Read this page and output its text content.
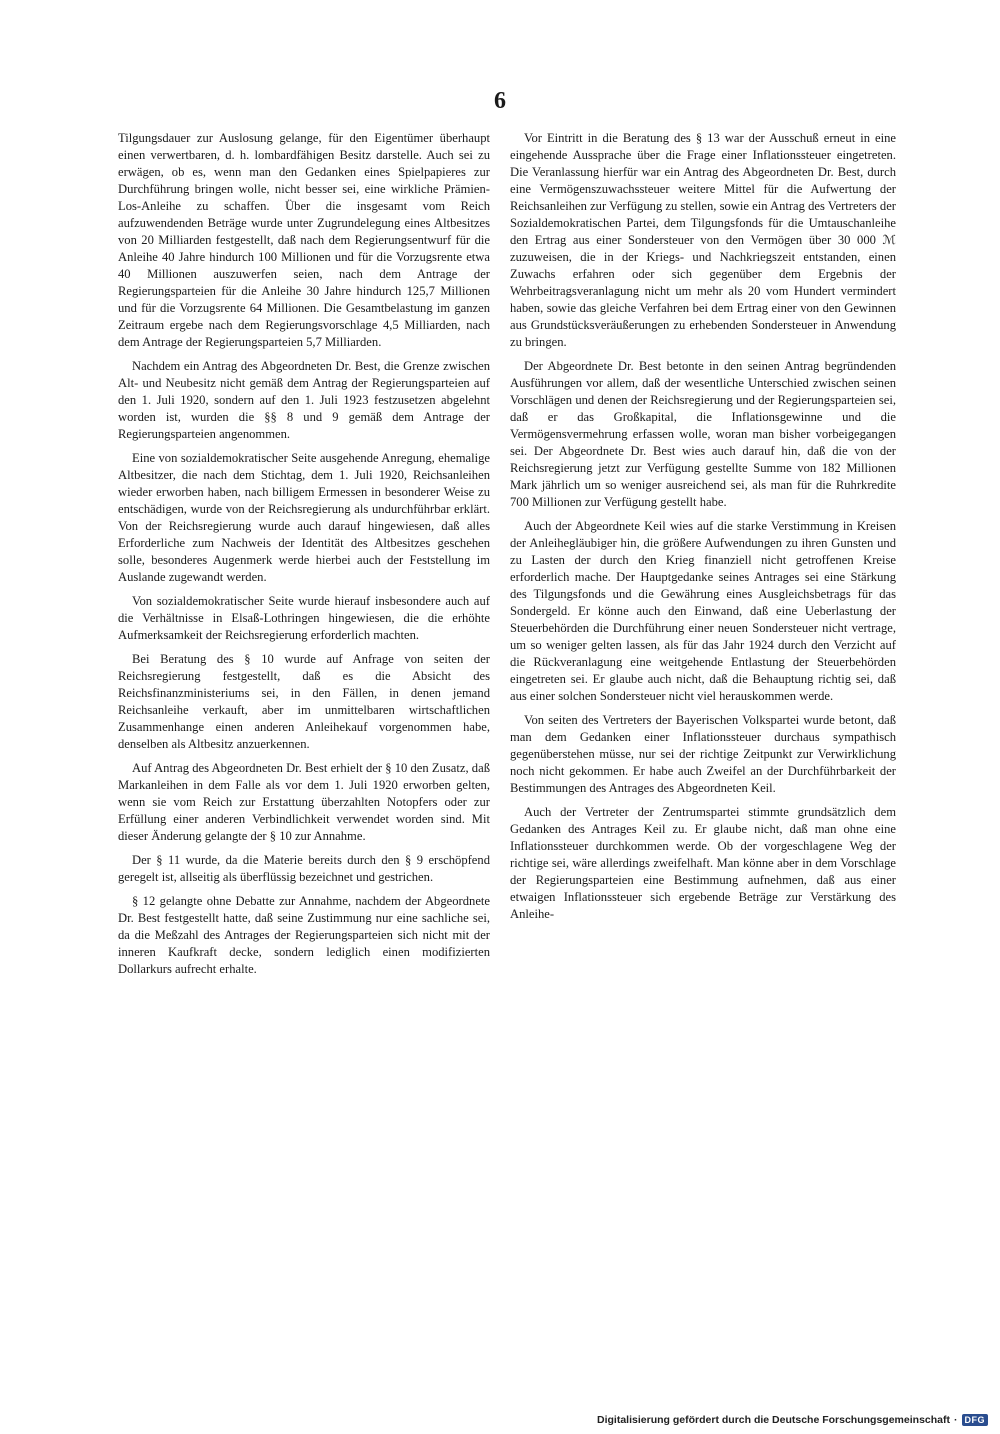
6

Tilgungsdauer zur Auslosung gelange, für den Eigentümer überhaupt einen verwertbaren, d. h. lombardfähigen Besitz darstelle. Auch sei zu erwägen, ob es, wenn man den Gedanken eines Spielpapieres zur Durchführung bringen wolle, nicht besser sei, eine wirkliche Prämien-Los-Anleihe zu schaffen. Über die insgesamt vom Reich aufzuwendenden Beträge wurde unter Zugrundelegung eines Altbesitzes von 20 Milliarden festgestellt, daß nach dem Regierungsentwurf für die Anleihe 40 Jahre hindurch 100 Millionen und für die Vorzugsrente etwa 40 Millionen auszuwerfen seien, nach dem Antrage der Regierungsparteien für die Anleihe 30 Jahre hindurch 125,7 Millionen und für die Vorzugsrente 64 Millionen. Die Gesamtbelastung im ganzen Zeitraum ergebe nach dem Regierungsvorschlage 4,5 Milliarden, nach dem Antrage der Regierungsparteien 5,7 Milliarden.

Nachdem ein Antrag des Abgeordneten Dr. Best, die Grenze zwischen Alt- und Neubesitz nicht gemäß dem Antrag der Regierungsparteien auf den 1. Juli 1920, sondern auf den 1. Juli 1923 festzusetzen abgelehnt worden ist, wurden die §§ 8 und 9 gemäß dem Antrage der Regierungsparteien angenommen.

Eine von sozialdemokratischer Seite ausgehende Anregung, ehemalige Altbesitzer, die nach dem Stichtag, dem 1. Juli 1920, Reichsanleihen wieder erworben haben, nach billigem Ermessen in besonderer Weise zu entschädigen, wurde von der Reichsregierung als undurchführbar erklärt. Von der Reichsregierung wurde auch darauf hingewiesen, daß alles Erforderliche zum Nachweis der Identität des Altbesitzes geschehen solle, besonderes Augenmerk werde hierbei auch der Feststellung im Auslande zugewandt werden.

Von sozialdemokratischer Seite wurde hierauf insbesondere auch auf die Verhältnisse in Elsaß-Lothringen hingewiesen, die die erhöhte Aufmerksamkeit der Reichsregierung erforderlich machten.

Bei Beratung des § 10 wurde auf Anfrage von seiten der Reichsregierung festgestellt, daß es die Absicht des Reichsfinanzministeriums sei, in den Fällen, in denen jemand Reichsanleihe verkauft, aber im unmittelbaren wirtschaftlichen Zusammenhange einen anderen Anleihekauf vorgenommen habe, denselben als Altbesitz anzuerkennen.

Auf Antrag des Abgeordneten Dr. Best erhielt der § 10 den Zusatz, daß Markanleihen in dem Falle als vor dem 1. Juli 1920 erworben gelten, wenn sie vom Reich zur Erstattung überzahlten Notopfers oder zur Erfüllung einer anderen Verbindlichkeit verwendet worden sind. Mit dieser Änderung gelangte der § 10 zur Annahme.

Der § 11 wurde, da die Materie bereits durch den § 9 erschöpfend geregelt ist, allseitig als überflüssig bezeichnet und gestrichen.

§ 12 gelangte ohne Debatte zur Annahme, nachdem der Abgeordnete Dr. Best festgestellt hatte, daß seine Zustimmung nur eine sachliche sei, da die Meßzahl des Antrages der Regierungsparteien sich nicht mit der inneren Kaufkraft decke, sondern lediglich einen modifizierten Dollarkurs aufrecht erhalte.

Vor Eintritt in die Beratung des § 13 war der Ausschuß erneut in eine eingehende Aussprache über die Frage einer Inflationssteuer eingetreten. Die Veranlassung hierfür war ein Antrag des Abgeordneten Dr. Best, durch eine Vermögenszuwachssteuer weitere Mittel für die Aufwertung der Reichsanleihen zur Verfügung zu stellen, sowie ein Antrag des Vertreters der Sozialdemokratischen Partei, dem Tilgungsfonds für die Umtauschanleihe den Ertrag aus einer Sondersteuer von den Vermögen über 30 000 ℳ zuzuweisen, die in der Kriegs- und Nachkriegszeit entstanden, einen Zuwachs erfahren oder sich gegenüber dem Ergebnis der Wehrbeitragsveranlagung nicht um mehr als 20 vom Hundert vermindert haben, sowie das gleiche Verfahren bei dem Ertrag einer von den Gewinnen aus Grundstücksveräußerungen zu erhebenden Sondersteuer in Anwendung zu bringen.

Der Abgeordnete Dr. Best betonte in den seinen Antrag begründenden Ausführungen vor allem, daß der wesentliche Unterschied zwischen seinen Vorschlägen und denen der Reichsregierung und der Regierungsparteien sei, daß er das Großkapital, die Inflationsgewinne und die Vermögensvermehrung erfassen wolle, woran man bisher vorbeigegangen sei. Der Abgeordnete Dr. Best wies auch darauf hin, daß die von der Reichsregierung jetzt zur Verfügung gestellte Summe von 182 Millionen Mark jährlich um so weniger ausreichend sei, als man für die Ruhrkredite 700 Millionen zur Verfügung gestellt habe.

Auch der Abgeordnete Keil wies auf die starke Verstimmung in Kreisen der Anleihegläubiger hin, die größere Aufwendungen zu ihren Gunsten und zu Lasten der durch den Krieg finanziell nicht getroffenen Kreise erforderlich mache. Der Hauptgedanke seines Antrages sei eine Stärkung des Tilgungsfonds und die Gewährung eines Ausgleichsbetrags für das Sondergeld. Er könne auch den Einwand, daß eine Ueberlastung der Steuerbehörden die Durchführung einer neuen Sondersteuer nicht vertrage, um so weniger gelten lassen, als für das Jahr 1924 durch den Verzicht auf die Rückveranlagung eine weitgehende Entlastung der Steuerbehörden eingetreten sei. Er glaube auch nicht, daß die Behauptung richtig sei, daß aus einer solchen Sondersteuer nicht viel herauskommen werde.

Von seiten des Vertreters der Bayerischen Volkspartei wurde betont, daß man dem Gedanken einer Inflationssteuer durchaus sympathisch gegenüberstehen müsse, nur sei der richtige Zeitpunkt zur Verwirklichung noch nicht gekommen. Er habe auch Zweifel an der Durchführbarkeit der Bestimmungen des Antrages des Abgeordneten Keil.

Auch der Vertreter der Zentrumspartei stimmte grundsätzlich dem Gedanken des Antrages Keil zu. Er glaube nicht, daß man ohne eine Inflationssteuer durchkommen werde. Ob der vorgeschlagene Weg der richtige sei, wäre allerdings zweifelhaft. Man könne aber in dem Vorschlage der Regierungsparteien eine Bestimmung aufnehmen, daß aus einer etwaigen Inflationssteuer sich ergebende Beträge zur Verstärkung des Anleihe-

Digitalisierung gefördert durch die Deutsche Forschungsgemeinschaft · DFG
